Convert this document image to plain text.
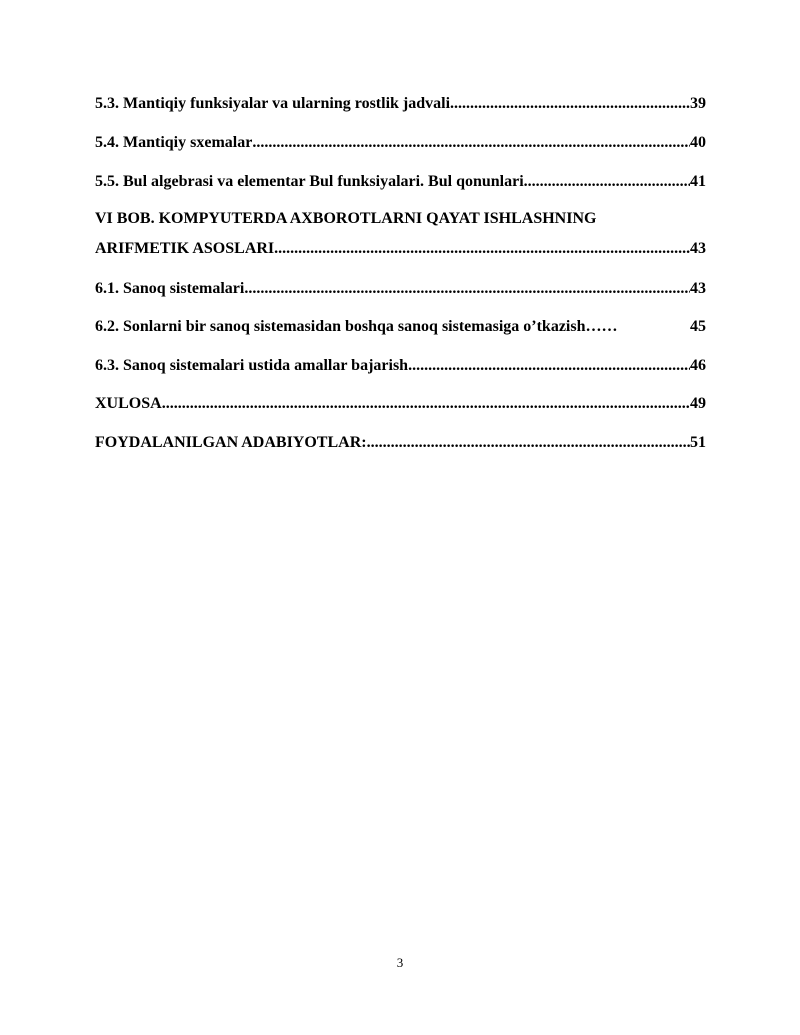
5.3. Mantiqiy funksiyalar va ularning rostlik jadvali .....	39
5.4. Mantiqiy sxemalar .....	40
5.5. Bul algebrasi va elementar Bul funksiyalari. Bul qonunlari .....	41
VI BOB. KOMPYUTERDA AXBOROTLARNI QAYAT ISHLASHNING
ARIFMETIK ASOSLARI .....	43
6.1. Sanoq sistemalari .....	43
6.2. Sonlarni bir sanoq sistemasidan boshqa sanoq sistemasiga o’tkazish ……	45
6.3. Sanoq sistemalari ustida amallar bajarish .....	46
XULOSA .....	49
FOYDALANILGAN ADABIYOTLAR: .....	51
3
